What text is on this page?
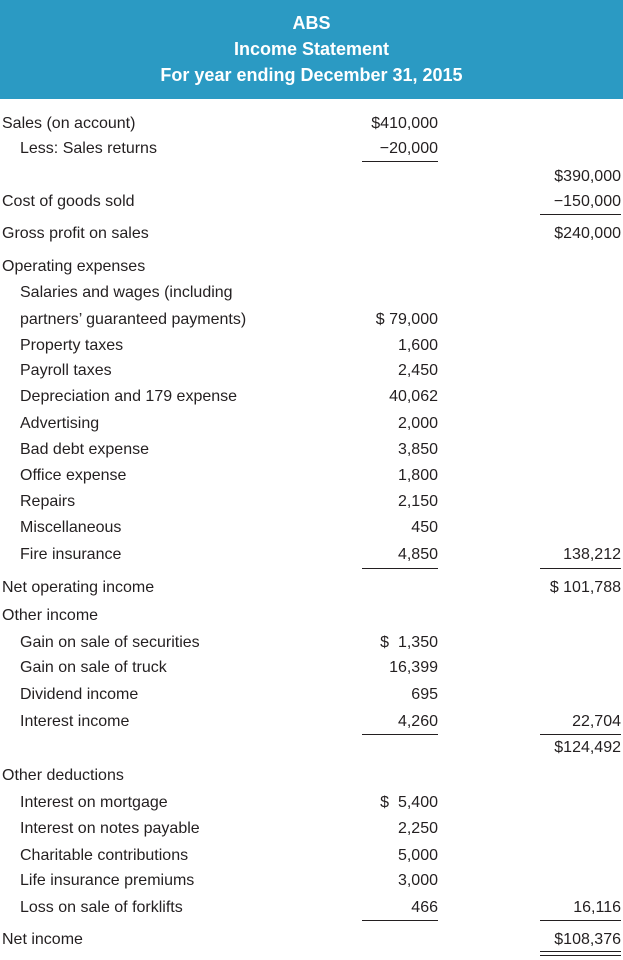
ABS
Income Statement
For year ending December 31, 2015
Sales (on account)	$410,000
Less: Sales returns	−20,000
$390,000
Cost of goods sold	−150,000
Gross profit on sales	$240,000
Operating expenses
Salaries and wages (including
partners’ guaranteed payments)	$ 79,000
Property taxes	1,600
Payroll taxes	2,450
Depreciation and 179 expense	40,062
Advertising	2,000
Bad debt expense	3,850
Office expense	1,800
Repairs	2,150
Miscellaneous	450
Fire insurance	4,850	138,212
Net operating income	$ 101,788
Other income
Gain on sale of securities	$  1,350
Gain on sale of truck	16,399
Dividend income	695
Interest income	4,260	22,704
$124,492
Other deductions
Interest on mortgage	$  5,400
Interest on notes payable	2,250
Charitable contributions	5,000
Life insurance premiums	3,000
Loss on sale of forklifts	466	16,116
Net income	$108,376
